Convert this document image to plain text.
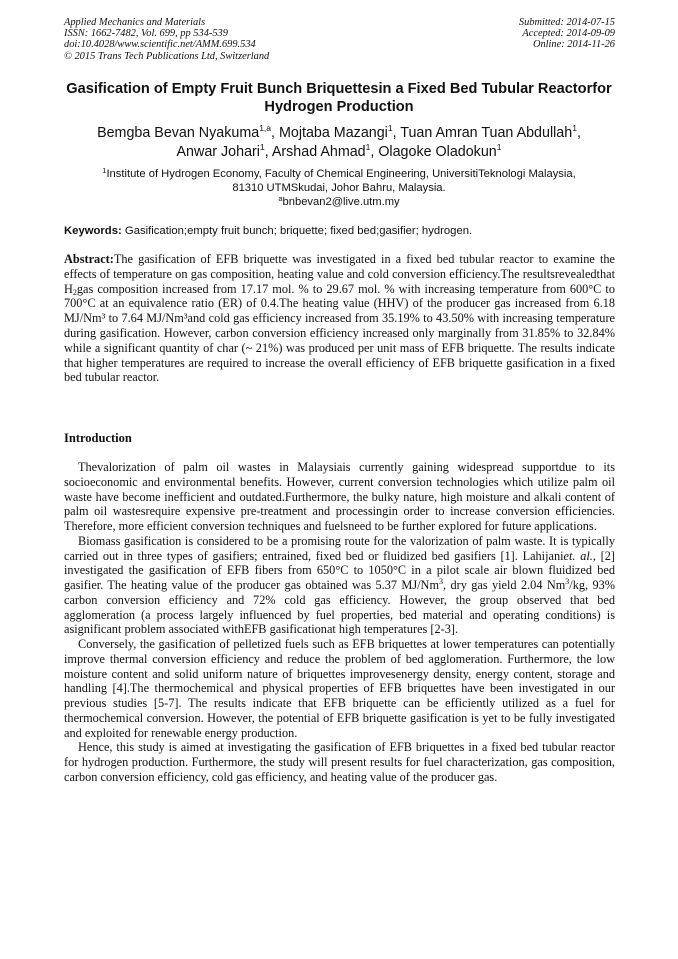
Applied Mechanics and Materials
ISSN: 1662-7482, Vol. 699, pp 534-539
doi:10.4028/www.scientific.net/AMM.699.534
© 2015 Trans Tech Publications Ltd, Switzerland
Submitted: 2014-07-15
Accepted: 2014-09-09
Online: 2014-11-26
Gasification of Empty Fruit Bunch Briquettesin a Fixed Bed Tubular Reactorfor Hydrogen Production
Bemgba Bevan Nyakuma$^{1,a}$, Mojtaba Mazangi$^1$, Tuan Amran Tuan Abdullah$^1$,
Anwar Johari$^1$, Arshad Ahmad$^1$, Olagoke Oladokun$^1$
$^1$Institute of Hydrogen Economy, Faculty of Chemical Engineering, UniversitiTeknologi Malaysia,
81310 UTMSkudai, Johor Bahru, Malaysia.
$^a$bnbevan2@live.utm.my
Keywords: Gasification;empty fruit bunch; briquette; fixed bed;gasifier; hydrogen.
Abstract:The gasification of EFB briquette was investigated in a fixed bed tubular reactor to examine the effects of temperature on gas composition, heating value and cold conversion efficiency.The resultsrevealedthat $H_2gas$ composition increased from 17.17 mol. % to 29.67 mol. % with increasing temperature from 600°C to 700°C at an equivalence ratio (ER) of 0.4.The heating value (HHV) of the producer gas increased from 6.18 MJ/Nm³ to 7.64 MJ/Nm³and cold gas efficiency increased from 35.19% to 43.50% with increasing temperature during gasification. However, carbon conversion efficiency increased only marginally from 31.85% to 32.84% while a significant quantity of char (~ 21%) was produced per unit mass of EFB briquette. The results indicate that higher temperatures are required to increase the overall efficiency of EFB briquette gasification in a fixed bed tubular reactor.
Introduction

Thevalorization of palm oil wastes in Malaysiais currently gaining widespread supportdue to its socioeconomic and environmental benefits. However, current conversion technologies which utilize palm oil waste have become inefficient and outdated.Furthermore, the bulky nature, high moisture and alkali content of palm oil wastesrequire expensive pre-treatment and processingin order to increase conversion efficiencies. Therefore, more efficient conversion techniques and fuelsneed to be further explored for future applications.

Biomass gasification is considered to be a promising route for the valorization of palm waste. It is typically carried out in three types of gasifiers; entrained, fixed bed or fluidized bed gasifiers [1]. Lahijaniet. al., [2] investigated the gasification of EFB fibers from 650°C to 1050°C in a pilot scale air blown fluidized bed gasifier. The heating value of the producer gas obtained was 5.37 MJ/Nm$^3$, dry gas yield 2.04 Nm$^3$/kg, 93% carbon conversion efficiency and 72% cold gas efficiency. However, the group observed that bed agglomeration (a process largely influenced by fuel properties, bed material and operating conditions) is asignificant problem associated withEFB gasificationat high temperatures [2-3].

Conversely, the gasification of pelletized fuels such as EFB briquettes at lower temperatures can potentially improve thermal conversion efficiency and reduce the problem of bed agglomeration. Furthermore, the low moisture content and solid uniform nature of briquettes improvesenergy density, energy content, storage and handling [4].The thermochemical and physical properties of EFB briquettes have been investigated in our previous studies [5-7]. The results indicate that EFB briquette can be efficiently utilized as a fuel for thermochemical conversion. However, the potential of EFB briquette gasification is yet to be fully investigated and exploited for renewable energy production.

Hence, this study is aimed at investigating the gasification of EFB briquettes in a fixed bed tubular reactor for hydrogen production. Furthermore, the study will present results for fuel characterization, gas composition, carbon conversion efficiency, cold gas efficiency, and heating value of the producer gas.
